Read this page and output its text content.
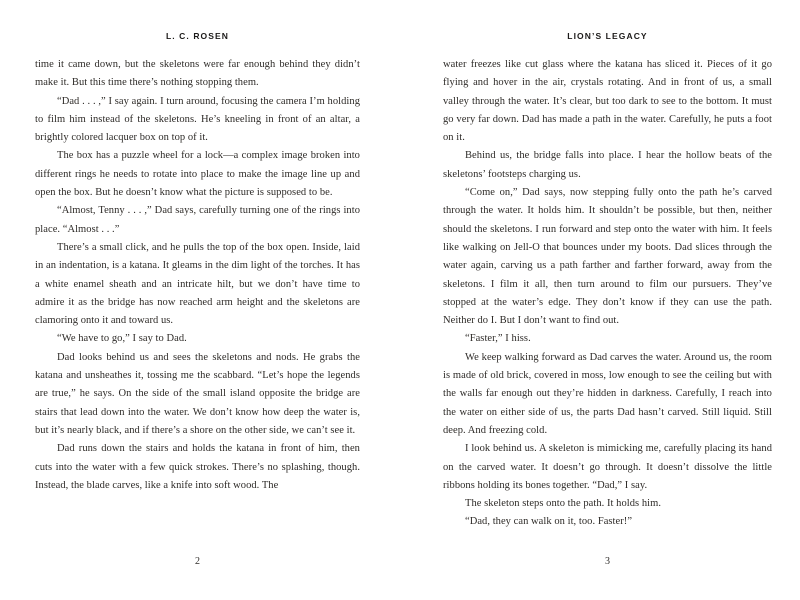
L. C. ROSEN

time it came down, but the skeletons were far enough behind they didn’t make it. But this time there’s nothing stopping them.

“Dad . . . ,” I say again. I turn around, focusing the camera I’m holding to film him instead of the skeletons. He’s kneeling in front of an altar, a brightly colored lacquer box on top of it.

The box has a puzzle wheel for a lock—a complex image broken into different rings he needs to rotate into place to make the image line up and open the box. But he doesn’t know what the picture is supposed to be.

“Almost, Tenny . . . ,” Dad says, carefully turning one of the rings into place. “Almost . . .”

There’s a small click, and he pulls the top of the box open. Inside, laid in an indentation, is a katana. It gleams in the dim light of the torches. It has a white enamel sheath and an intricate hilt, but we don’t have time to admire it as the bridge has now reached arm height and the skeletons are clamoring onto it and toward us.

“We have to go,” I say to Dad.

Dad looks behind us and sees the skeletons and nods. He grabs the katana and unsheathes it, tossing me the scabbard. “Let’s hope the legends are true,” he says. On the side of the small island opposite the bridge are stairs that lead down into the water. We don’t know how deep the water is, but it’s nearly black, and if there’s a shore on the other side, we can’t see it.

Dad runs down the stairs and holds the katana in front of him, then cuts into the water with a few quick strokes. There’s no splashing, though. Instead, the blade carves, like a knife into soft wood. The

2
LION’S LEGACY

water freezes like cut glass where the katana has sliced it. Pieces of it go flying and hover in the air, crystals rotating. And in front of us, a small valley through the water. It’s clear, but too dark to see to the bottom. It must go very far down. Dad has made a path in the water. Carefully, he puts a foot on it.

Behind us, the bridge falls into place. I hear the hollow beats of the skeletons’ footsteps charging us.

“Come on,” Dad says, now stepping fully onto the path he’s carved through the water. It holds him. It shouldn’t be possible, but then, neither should the skeletons. I run forward and step onto the water with him. It feels like walking on Jell-O that bounces under my boots. Dad slices through the water again, carving us a path farther and farther forward, away from the skeletons. I film it all, then turn around to film our pursuers. They’ve stopped at the water’s edge. They don’t know if they can use the path. Neither do I. But I don’t want to find out.

“Faster,” I hiss.

We keep walking forward as Dad carves the water. Around us, the room is made of old brick, covered in moss, low enough to see the ceiling but with the walls far enough out they’re hidden in darkness. Carefully, I reach into the water on either side of us, the parts Dad hasn’t carved. Still liquid. Still deep. And freezing cold.

I look behind us. A skeleton is mimicking me, carefully placing its hand on the carved water. It doesn’t go through. It doesn’t dissolve the little ribbons holding its bones together. “Dad,” I say.

The skeleton steps onto the path. It holds him.

“Dad, they can walk on it, too. Faster!”

3
